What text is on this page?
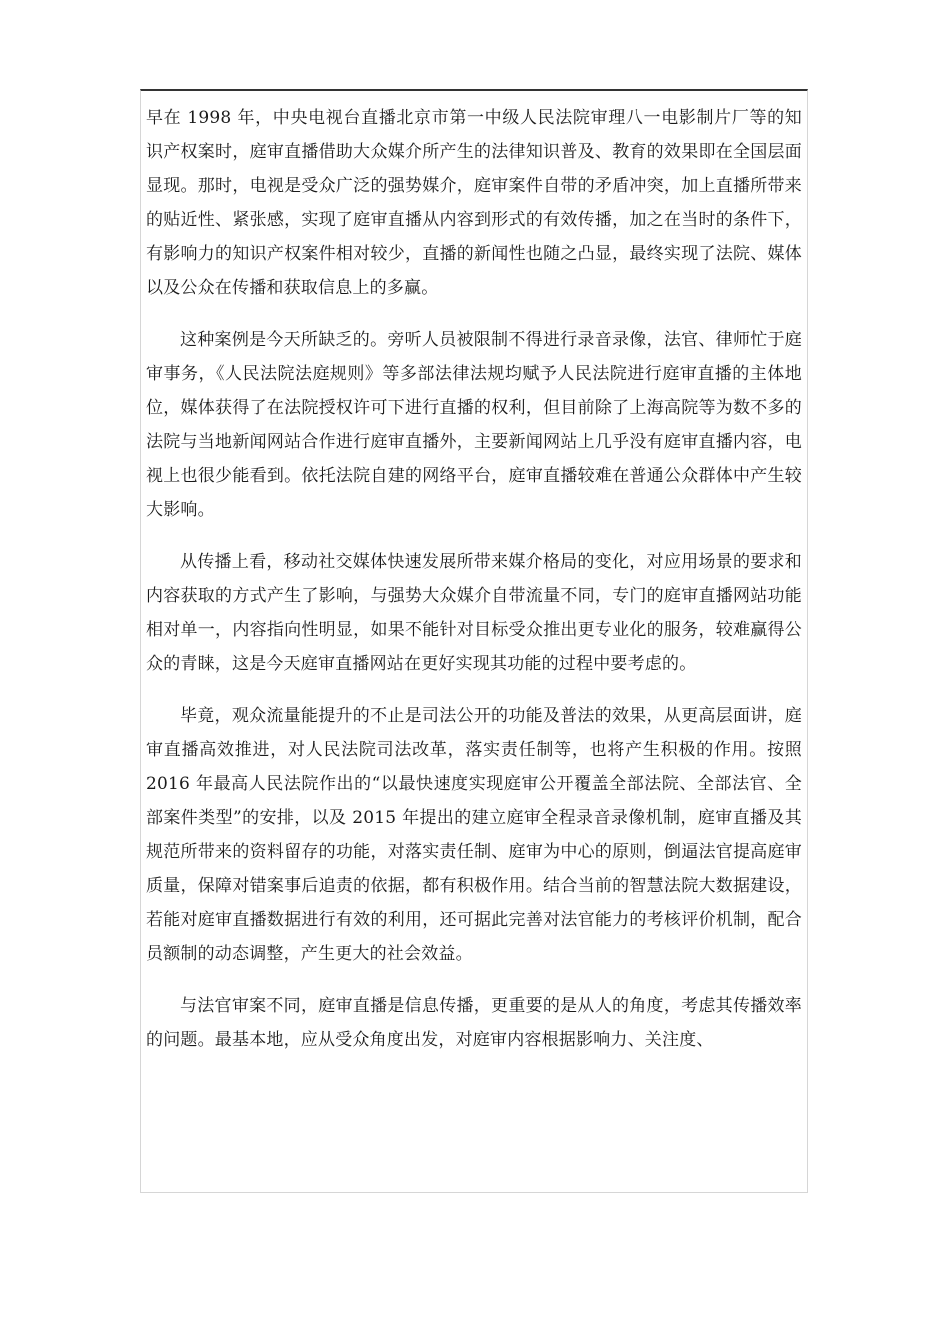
早在 1998 年，中央电视台直播北京市第一中级人民法院审理八一电影制片厂等的知识产权案时，庭审直播借助大众媒介所产生的法律知识普及、教育的效果即在全国层面显现。那时，电视是受众广泛的强势媒介，庭审案件自带的矛盾冲突，加上直播所带来的贴近性、紧张感，实现了庭审直播从内容到形式的有效传播，加之在当时的条件下，有影响力的知识产权案件相对较少，直播的新闻性也随之凸显，最终实现了法院、媒体以及公众在传播和获取信息上的多赢。

这种案例是今天所缺乏的。旁听人员被限制不得进行录音录像，法官、律师忙于庭审事务，《人民法院法庭规则》等多部法律法规均赋予人民法院进行庭审直播的主体地位，媒体获得了在法院授权许可下进行直播的权利，但目前除了上海高院等为数不多的法院与当地新闻网站合作进行庭审直播外，主要新闻网站上几乎没有庭审直播内容，电视上也很少能看到。依托法院自建的网络平台，庭审直播较难在普通公众群体中产生较大影响。

从传播上看，移动社交媒体快速发展所带来媒介格局的变化，对应用场景的要求和内容获取的方式产生了影响，与强势大众媒介自带流量不同，专门的庭审直播网站功能相对单一，内容指向性明显，如果不能针对目标受众推出更专业化的服务，较难赢得公众的青睐，这是今天庭审直播网站在更好实现其功能的过程中要考虑的。

毕竟，观众流量能提升的不止是司法公开的功能及普法的效果，从更高层面讲，庭审直播高效推进，对人民法院司法改革，落实责任制等，也将产生积极的作用。按照 2016 年最高人民法院作出的“以最快速度实现庭审公开覆盖全部法院、全部法官、全部案件类型”的安排，以及 2015 年提出的建立庭审全程录音录像机制，庭审直播及其规范所带来的资料留存的功能，对落实责任制、庭审为中心的原则，倒逼法官提高庭审质量，保障对错案事后追责的依据，都有积极作用。结合当前的智慧法院大数据建设，若能对庭审直播数据进行有效的利用，还可据此完善对法官能力的考核评价机制，配合员额制的动态调整，产生更大的社会效益。

与法官审案不同，庭审直播是信息传播，更重要的是从人的角度，考虑其传播效率的问题。最基本地，应从受众角度出发，对庭审内容根据影响力、关注度、
